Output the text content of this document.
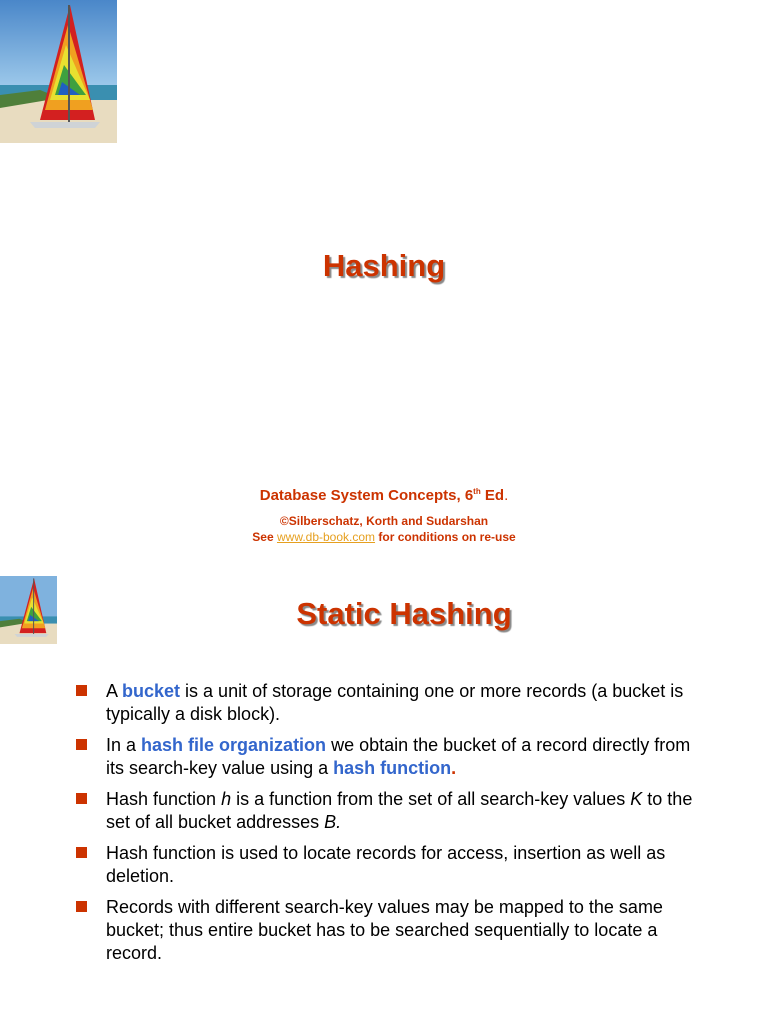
Hashing
Database System Concepts, 6th Ed.
©Silberschatz, Korth and Sudarshan
See www.db-book.com for conditions on re-use
Static Hashing
A bucket is a unit of storage containing one or more records (a bucket is typically a disk block).
In a hash file organization we obtain the bucket of a record directly from its search-key value using a hash function.
Hash function h is a function from the set of all search-key values K to the set of all bucket addresses B.
Hash function is used to locate records for access, insertion as well as deletion.
Records with different search-key values may be mapped to the same bucket; thus entire bucket has to be searched sequentially to locate a record.
